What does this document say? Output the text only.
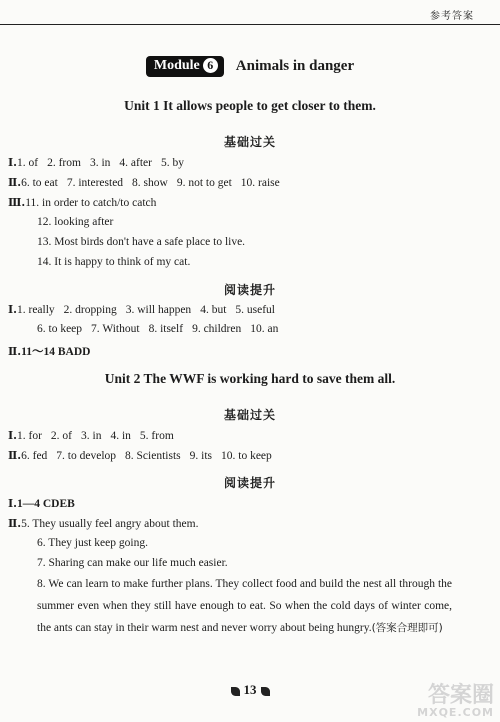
参考答案
Module 6 Animals in danger
Unit 1 It allows people to get closer to them.
基础过关
Ⅰ.1. of 2. from 3. in 4. after 5. by
Ⅱ.6. to eat 7. interested 8. show 9. not to get 10. raise
Ⅲ.11. in order to catch/to catch
12. looking after
13. Most birds don't have a safe place to live.
14. It is happy to think of my cat.
阅读提升
Ⅰ.1. really 2. dropping 3. will happen 4. but 5. useful
6. to keep 7. Without 8. itself 9. children 10. an
Ⅱ.11～14 BADD
Unit 2 The WWF is working hard to save them all.
基础过关
Ⅰ.1. for 2. of 3. in 4. in 5. from
Ⅱ.6. fed 7. to develop 8. Scientists 9. its 10. to keep
阅读提升
Ⅰ.1—4 CDEB
Ⅱ.5. They usually feel angry about them.
6. They just keep going.
7. Sharing can make our life much easier.
8. We can learn to make further plans. They collect food and build the nest all through the summer even when they still have enough to eat. So when the cold days of winter come, the ants can stay in their warm nest and never worry about being hungry.(答案合理即可)
13	答案圈
MXQE.COM
